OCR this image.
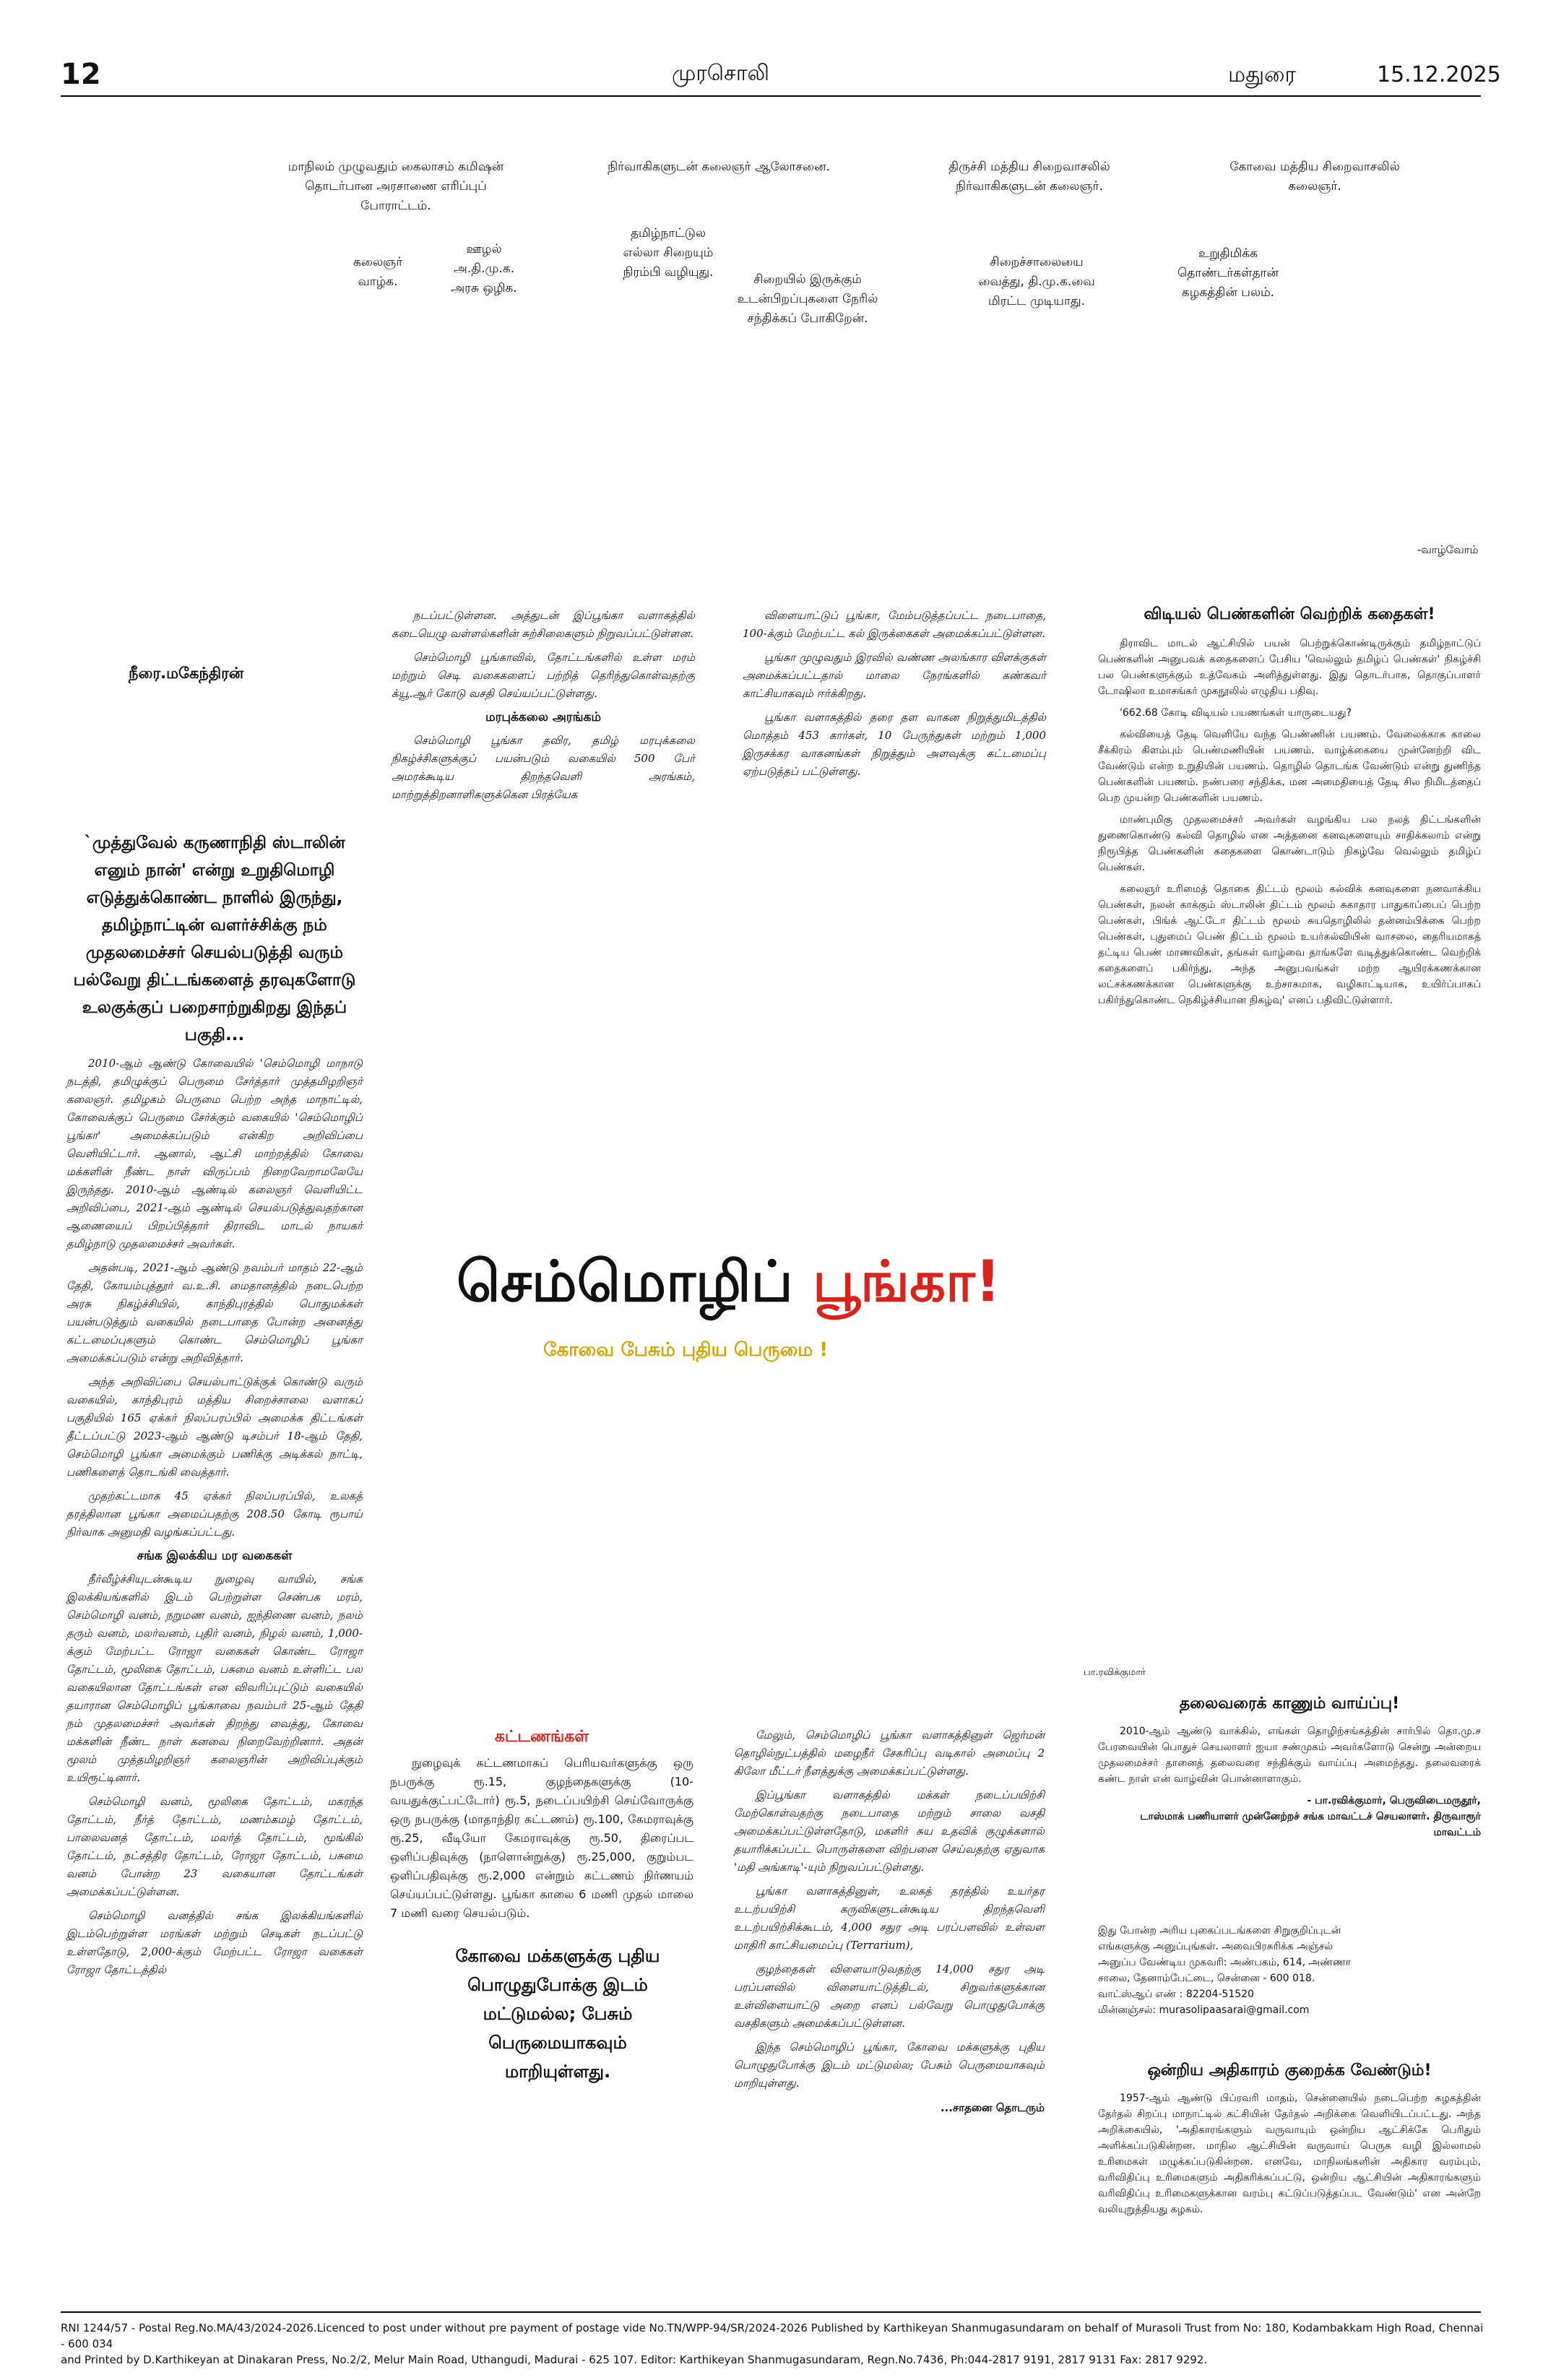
12	முரசொலி	மதுரை	15.12.2025
மாநிலம் முழுவதும் கைலாசம் கமிஷன் தொடர்பான அரசாணை எரிப்புப் போராட்டம்.
நிர்வாகிகளுடன் கலைஞர் ஆலோசனை.	திருச்சி மத்திய சிறைவாசலில் நிர்வாகிகளுடன் கலைஞர்.
கோவை மத்திய சிறைவாசலில் கலைஞர்.
கலைஞர் வாழ்க.
ஊழல் அ.தி.மு.க. அரசு ஒழிக.
தமிழ்நாட்டுல எல்லா சிறையும் நிரம்பி வழியுது.	சிறையில் இருக்கும் உடன்பிறப்புகளை நேரில் சந்திக்கப் போகிறேன்.
சிறைச்சாலையை வைத்து, தி.மு.க.வை மிரட்ட முடியாது.
உறுதிமிக்க தொண்டர்கள்தான் கழகத்தின் பலம்.
-வாழ்வோம்
நீரை.மகேந்திரன்
`முத்துவேல் கருணாநிதி ஸ்டாலின் எனும் நான்' என்று உறுதிமொழி எடுத்துக்கொண்ட நாளில் இருந்து, தமிழ்நாட்டின் வளர்ச்சிக்கு நம் முதலமைச்சர் செயல்படுத்தி வரும் பல்வேறு திட்டங்களைத் தரவுகளோடு உலகுக்குப் பறைசாற்றுகிறது இந்தப் பகுதி...

2010-ஆம் ஆண்டு கோவையில் 'செம்மொழி மாநாடு நடத்தி, தமிழுக்குப் பெருமை சேர்த்தார் முத்தமிழறிஞர் கலைஞர். தமிழகம் பெருமை பெற்ற அந்த மாநாட்டில், கோவைக்குப் பெருமை சேர்க்கும் வகையில் 'செம்மொழிப் பூங்கா' அமைக்கப்படும் என்கிற அறிவிப்பை வெளியிட்டார். ஆனால், ஆட்சி மாற்றத்தில் கோவை மக்களின் நீண்ட நாள் விருப்பம் நிறைவேறாமலேயே இருந்தது. 2010-ஆம் ஆண்டில் கலைஞர் வெளியிட்ட அறிவிப்பை, 2021-ஆம் ஆண்டில் செயல்படுத்துவதற்கான ஆணையைப் பிறப்பித்தார் திராவிட மாடல் நாயகர் தமிழ்நாடு முதலமைச்சர் அவர்கள்.

அதன்படி, 2021-ஆம் ஆண்டு நவம்பர் மாதம் 22-ஆம் தேதி, கோயம்புத்தூர் வ.உ.சி. மைதானத்தில் நடைபெற்ற அரசு நிகழ்ச்சியில், காந்திபுரத்தில் பொதுமக்கள் பயன்படுத்தும் வகையில் நடைபாதை போன்ற அனைத்து கட்டமைப்புகளும் கொண்ட செம்மொழிப் பூங்கா அமைக்கப்படும் என்று அறிவித்தார்.

அந்த அறிவிப்பை செயல்பாட்டுக்குக் கொண்டு வரும் வகையில், காந்திபுரம் மத்திய சிறைச்சாலை வளாகப் பகுதியில் 165 ஏக்கர் நிலப்பரப்பில் அமைக்க திட்டங்கள் தீட்டப்பட்டு 2023-ஆம் ஆண்டு டிசம்பர் 18-ஆம் தேதி, செம்மொழி பூங்கா அமைக்கும் பணிக்கு அடிக்கல் நாட்டி, பணிகளைத் தொடங்கி வைத்தார்.

முதற்கட்டமாக 45 ஏக்கர் நிலப்பரப்பில், உலகத் தரத்திலான பூங்கா அமைப்பதற்கு 208.50 கோடி ரூபாய் நிர்வாக அனுமதி வழங்கப்பட்டது.

சங்க இலக்கிய மர வகைகள்

நீர்வீழ்ச்சியுடன்கூடிய நுழைவு வாயில், சங்க இலக்கியங்களில் இடம் பெற்றுள்ள செண்பக மரம், செம்மொழி வனம், நறுமண வனம், ஐந்திணை வனம், நலம் தரும் வனம், மலர்வனம், புதிர் வனம், நிழல் வனம், 1,000-க்கும் மேற்பட்ட ரோஜா வகைகள் கொண்ட ரோஜா தோட்டம், மூலிகை தோட்டம், பசுமை வனம் உள்ளிட்ட பல வகையிலான தோட்டங்கள் என விவரிப்புட்டும் வகையில் தயாரான செம்மொழிப் பூங்காவை நவம்பர் 25-ஆம் தேதி நம் முதலமைச்சர் அவர்கள் திறந்து வைத்து, கோவை மக்களின் நீண்ட நாள் கனவை நிறைவேற்றினார். அதன் மூலம் முத்தமிழறிஞர் கலைஞரின் அறிவிப்புக்கும் உயிரூட்டினார்.

செம்மொழி வனம், மூலிகை தோட்டம், மகரந்த தோட்டம், நீர்த் தோட்டம், மணம்கமழ் தோட்டம், பாலைவனத் தோட்டம், மலர்த் தோட்டம், மூங்கில் தோட்டம், நட்சத்திர தோட்டம், ரோஜா தோட்டம், பசுமை வனம் போன்ற 23 வகையான தோட்டங்கள் அமைக்கப்பட்டுள்ளன.

செம்மொழி வனத்தில் சங்க இலக்கியங்களில் இடம்பெற்றுள்ள மரங்கள் மற்றும் செடிகள் நடப்பட்டு உள்ளதோடு, 2,000-க்கும் மேற்பட்ட ரோஜா வகைகள் ரோஜா தோட்டத்தில்

நடப்பட்டுள்ளன. அத்துடன் இப்பூங்கா வளாகத்தில் கடையெழு வள்ளல்களின் சுற்சிலைகளும் நிறுவப்பட்டுள்ளன.

செம்மொழி பூங்காவில், தோட்டங்களில் உள்ள மரம் மற்றும் செடி வகைகளைப் பற்றித் தெரிந்துகொள்வதற்கு க்யூ.ஆர் கோடு வசதி செய்யப்பட்டுள்ளது.

மரபுக்கலை அரங்கம்

செம்மொழி பூங்கா தவிர, தமிழ் மரபுக்கலை நிகழ்ச்சிகளுக்குப் பயன்படும் வகையில் 500 பேர் அமரக்கூடிய திறந்தவெளி அரங்கம், மாற்றுத்திறனாளிகளுக்கென பிரத்யேக

விளையாட்டுப் பூங்கா, மேம்படுத்தப்பட்ட நடைபாதை, 100-க்கும் மேற்பட்ட கல் இருக்கைகள் அமைக்கப்பட்டுள்ளன.

பூங்கா முழுவதும் இரவில் வண்ண அலங்கார விளக்குகள் அமைக்கப்பட்டதால் மாலை நேரங்களில் கண்கவர் காட்சியாகவும் ஈர்க்கிறது.

பூங்கா வளாகத்தில் தரை தள வாகன நிறுத்துமிடத்தில் மொத்தம் 453 கார்கள், 10 பேருந்துகள் மற்றும் 1,000 இருசக்கர வாகனங்கள் நிறுத்தும் அளவுக்கு கட்டமைப்பு ஏற்படுத்தப் பட்டுள்ளது.

செம்மொழிப் பூங்கா!
கோவை பேசும் புதிய பெருமை !
கட்டணங்கள்

நுழைவுக் கட்டணமாகப் பெரியவர்களுக்கு ஒரு நபருக்கு ரூ.15, குழந்தைகளுக்கு (10-வயதுக்குட்பட்டோர்) ரூ.5, நடைப்பயிற்சி செய்வோருக்கு ஒரு நபருக்கு (மாதாந்திர கட்டணம்) ரூ.100, கேமராவுக்கு ரூ.25, வீடியோ கேமராவுக்கு ரூ.50, திரைப்பட ஒளிப்பதிவுக்கு (நாளொன்றுக்கு) ரூ.25,000, குறும்பட ஒளிப்பதிவுக்கு ரூ.2,000 என்றும் கட்டணம் நிர்ணயம் செய்யப்பட்டுள்ளது. பூங்கா காலை 6 மணி முதல் மாலை 7 மணி வரை செயல்படும்.

கோவை மக்களுக்கு புதிய பொழுதுபோக்கு இடம் மட்டுமல்ல; பேசும் பெருமையாகவும் மாறியுள்ளது.

மேலும், செம்மொழிப் பூங்கா வளாகத்தினுள் ஜெர்மன் தொழில்நுட்பத்தில் மழைநீர் சேகரிப்பு வடிகால் அமைப்பு 2 கிலோ மீட்டர் நீளத்துக்கு அமைக்கப்பட்டுள்ளது.

இப்பூங்கா வளாகத்தில் மக்கள் நடைப்பயிற்சி மேற்கொள்வதற்கு நடைபாதை மற்றும் சாலை வசதி அமைக்கப்பட்டுள்ளதோடு, மகளிர் சுய உதவிக் குழுக்களால் தயாரிக்கப்பட்ட பொருள்களை விற்பனை செய்வதற்கு ஏதுவாக 'மதி அங்காடி'-யும் நிறுவப்பட்டுள்ளது.

பூங்கா வளாகத்தினுள், உலகத் தரத்தில் உயர்தர உடற்பயிற்சி கருவிகளுடன்கூடிய திறந்தவெளி உடற்பயிற்சிக்கூடம், 4,000 சதுர அடி பரப்பளவில் உள்வள மாதிரி காட்சியமைப்பு (Terrarium),

குழந்தைகள் விளையாடுவதற்கு 14,000 சதுர அடி பரப்பளவில் விளையாட்டுத்திடல், சிறுவர்களுக்கான உள்விளையாட்டு அறை எனப் பல்வேறு பொழுதுபோக்கு வசதிகளும் அமைக்கப்பட்டுள்ளன.

இந்த செம்மொழிப் பூங்கா, கோவை மக்களுக்கு புதிய பொழுதுபோக்கு இடம் மட்டுமல்ல; பேசும் பெருமையாகவும் மாறியுள்ளது.

...சாதனை தொடரும்
விடியல் பெண்களின் வெற்றிக் கதைகள்!

திராவிட மாடல் ஆட்சியில் பயன் பெற்றுக்கொண்டிருக்கும் தமிழ்நாட்டுப் பெண்களின் அனுபவக் கதைகளைப் பேசிய 'வெல்லும் தமிழ்ப் பெண்கள்' நிகழ்ச்சி பல பெண்களுக்கும் உத்வேகம் அளித்துள்ளது. இது தொடர்பாக, தொகுப்பாளர் டோஷிலா உமாசங்கர் முகநூலில் எழுதிய பதிவு.

'662.68 கோடி விடியல் பயணங்கள் யாருடையது?

கல்வியைத் தேடி வெளியே வந்த பெண்ணின் பயணம். வேலைக்காக காலை சீக்கிரம் கிளம்பும் பெண்மணியின் பயணம். வாழ்க்கையை முன்னேற்றி விட வேண்டும் என்ற உறுதியின் பயணம். தொழில் தொடங்க வேண்டும் என்று துணிந்த பெண்களின் பயணம். நண்பரை சந்திக்க, மன அமைதியைத் தேடி சில நிமிடத்தைப் பெற முயன்ற பெண்களின் பயணம்.

மாண்புமிகு முதலமைச்சர் அவர்கள் வழங்கிய பல நலத் திட்டங்களின் துணைகொண்டு கல்வி தொழில் என அத்தனை கனவுகளையும் சாதிக்கலாம் என்று நிரூபித்த பெண்களின் கதைகளை கொண்டாடும் நிகழ்வே வெல்லும் தமிழ்ப் பெண்கள்.

கலைஞர் உரிமைத் தொகை திட்டம் மூலம் கல்விக் கனவுகளை நனவாக்கிய பெண்கள், நலன் காக்கும் ஸ்டாலின் திட்டம் மூலம் சுகாதார பாதுகாப்பைப் பெற்ற பெண்கள், பிங்க் ஆட்டோ திட்டம் மூலம் சுயதொழிலில் தன்னம்பிக்கை பெற்ற பெண்கள், புதுமைப் பெண் திட்டம் மூலம் உயர்கல்வியின் வாசலை, தைரியமாகத் தட்டிய பெண் மாணவிகள், தங்கள் வாழ்வை தாங்களே வடித்துக்கொண்ட வெற்றிக் கதைகளைப் பகிர்ந்து, அந்த அனுபவங்கள் மற்ற ஆயிரக்கணக்கான லட்சக்கணக்கான பெண்களுக்கு உற்சாகமாக, வழிகாட்டியாக, உயிர்ப்பாகப் பகிர்ந்துகொண்ட நெகிழ்ச்சியான நிகழ்வு' எனப் பதிவிட்டுள்ளார்.

பா.ரவிக்குமார்
தலைவரைக் காணும் வாய்ப்பு!

2010-ஆம் ஆண்டு வாக்கில், எங்கள் தொழிற்சங்கத்தின் சார்பில் தொ.மு.ச பேரவையின் பொதுச் செயலாளர் ஐயா சண்முகம் அவர்களோடு சென்று அன்றைய முதலமைச்சர் தானைத் தலைவரை சந்திக்கும் வாய்ப்பு அமைந்தது. தலைவரைக் கண்ட நாள் என் வாழ்வின் பொன்னாளாகும்.

- பா.ரவிக்குமார், பெருவிடைமருதூர்,
டாஸ்மாக் பணியாளர் முன்னேற்றச் சங்க மாவட்டச் செயலாளர். திருவாரூர் மாவட்டம்
இது போன்ற அரிய புகைப்படங்களை சிறுகுறிப்புடன் எங்களுக்கு அனுப்புங்கள். அவைபிரசுரிக்க அஞ்சல் அனுப்ப வேண்டிய முகவரி: அண்பகம், 614, அண்ணா சாலை, தேனாம்பேட்டை, சென்னை - 600 018.
வாட்ஸ்ஆப் எண் : 82204-51520
மின்னஞ்சல்: murasolipaasarai@gmail.com
ஒன்றிய அதிகாரம் குறைக்க வேண்டும்!

1957-ஆம் ஆண்டு பிப்ரவரி மாதம், சென்னையில் நடைபெற்ற கழகத்தின் தேர்தல் சிறப்பு மாநாட்டில் கட்சியின் தேர்தல் அறிக்கை வெளியிடப்பட்டது. அந்த அறிக்கையில், 'அதிகாரங்களும் வருவாயும் ஒன்றிய ஆட்சிக்கே பெரிதும் அளிக்கப்படுகின்றன. மாநில ஆட்சியின் வருவாய் பெருக வழி இல்லாமல் உரிமைகள் மழுக்கப்படுகின்றன. எனவே, மாநிலங்களின் அதிகார வரம்பும், வரிவிதிப்பு உரிமைகளும் அதிகரிக்கப்பட்டு, ஒன்றிய ஆட்சியின் அதிகாரங்களும் வரிவிதிப்பு உரிமைகளுக்கான வரம்பு கட்டுப்படுத்தப்பட வேண்டும்' என அன்றே வலியுறுத்தியது கழகம்.

RNI 1244/57 - Postal Reg.No.MA/43/2024-2026.Licenced to post under without pre payment of postage vide No.TN/WPP-94/SR/2024-2026 Published by Karthikeyan Shanmugasundaram on behalf of Murasoli Trust from No: 180, Kodambakkam High Road, Chennai - 600 034
and Printed by D.Karthikeyan at Dinakaran Press, No.2/2, Melur Main Road, Uthangudi, Madurai - 625 107. Editor: Karthikeyan Shanmugasundaram, Regn.No.7436, Ph:044-2817 9191, 2817 9131 Fax: 2817 9292.
